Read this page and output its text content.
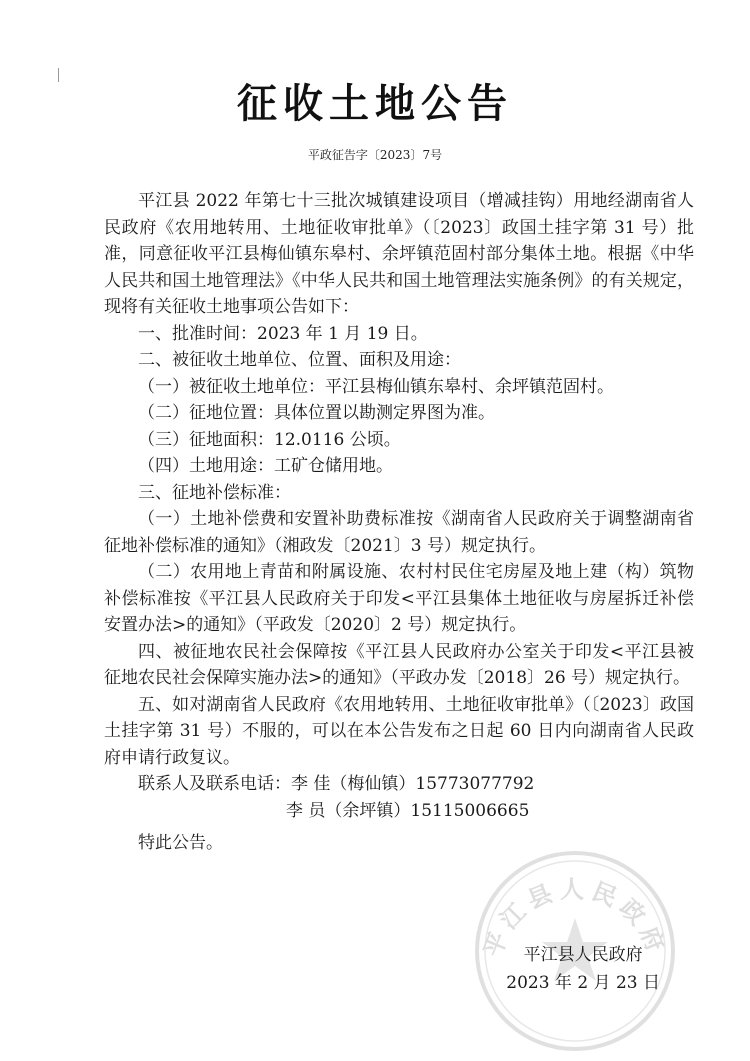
征收土地公告
平政征告字〔2023〕7号

平江县 2022 年第七十三批次城镇建设项目（增减挂钩）用地经湖南省人民政府《农用地转用、土地征收审批单》（〔2023〕政国土挂字第 31 号）批准，同意征收平江县梅仙镇东皋村、余坪镇范固村部分集体土地。根据《中华人民共和国土地管理法》《中华人民共和国土地管理法实施条例》的有关规定，现将有关征收土地事项公告如下：

一、批准时间：2023 年 1 月 19 日。

二、被征收土地单位、位置、面积及用途：

（一）被征收土地单位：平江县梅仙镇东皋村、余坪镇范固村。

（二）征地位置：具体位置以勘测定界图为准。

（三）征地面积：12.0116 公顷。

（四）土地用途：工矿仓储用地。

三、征地补偿标准：

（一）土地补偿费和安置补助费标准按《湖南省人民政府关于调整湖南省征地补偿标准的通知》（湘政发〔2021〕3 号）规定执行。

（二）农用地上青苗和附属设施、农村村民住宅房屋及地上建（构）筑物补偿标准按《平江县人民政府关于印发<平江县集体土地征收与房屋拆迁补偿安置办法>的通知》（平政发〔2020〕2 号）规定执行。

四、被征地农民社会保障按《平江县人民政府办公室关于印发<平江县被征地农民社会保障实施办法>的通知》（平政办发〔2018〕26 号）规定执行。

五、如对湖南省人民政府《农用地转用、土地征收审批单》（〔2023〕政国土挂字第 31 号）不服的，可以在本公告发布之日起 60 日内向湖南省人民政府申请行政复议。

联系人及联系电话：李 佳（梅仙镇）15773077792

李 员（余坪镇）15115006665

特此公告。

平江县人民政府
平江县人民政府
2023 年 2 月 23 日
